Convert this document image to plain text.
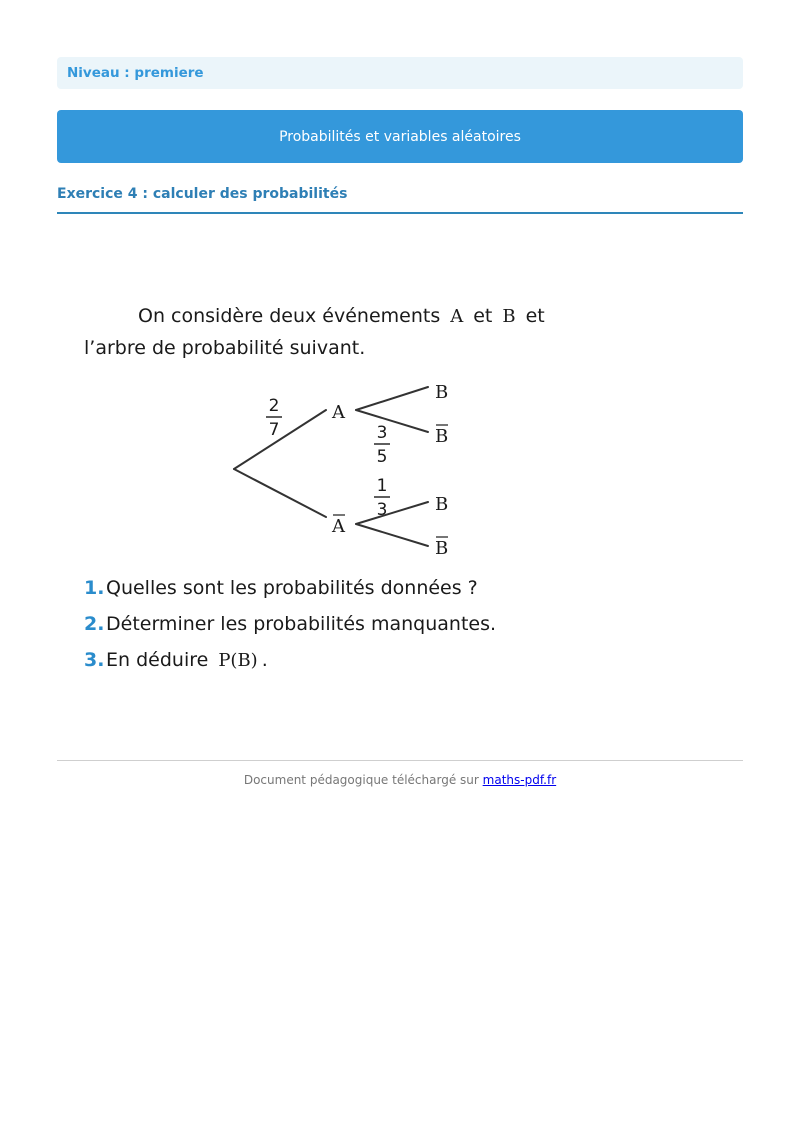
Niveau : premiere
Probabilités et variables aléatoires
Exercice 4 : calculer des probabilités
On considère deux événements A et B et
l’arbre de probabilité suivant.
A
A
B
B
B
B
2
7	3
5
1
3
1. Quelles sont les probabilités données ?
2. Déterminer les probabilités manquantes.
3. En déduire P(B) .
Document pédagogique téléchargé sur maths-pdf.fr
